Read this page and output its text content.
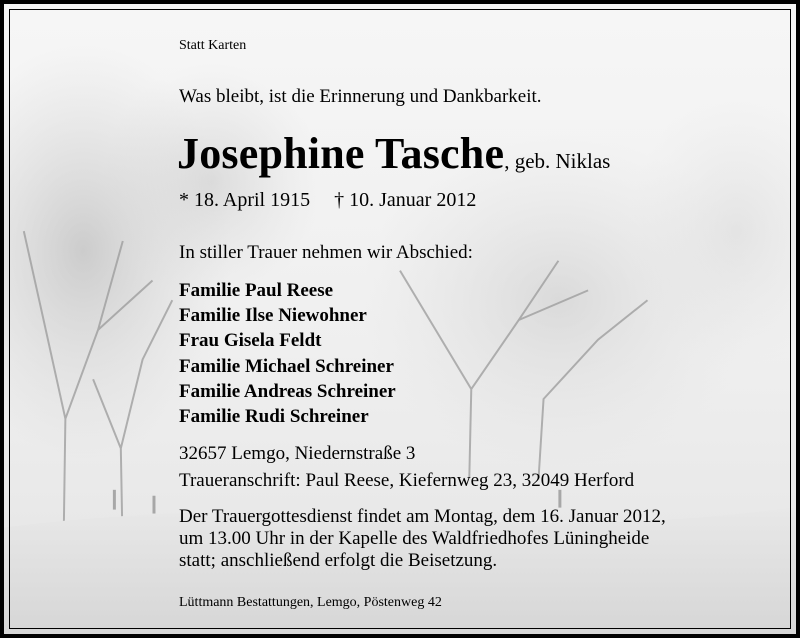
Statt Karten
Was bleibt, ist die Erinnerung und Dankbarkeit.
Josephine Tasche, geb. Niklas
* 18. April 1915 † 10. Januar 2012
In stiller Trauer nehmen wir Abschied:
Familie Paul Reese
Familie Ilse Niewohner
Frau Gisela Feldt
Familie Michael Schreiner
Familie Andreas Schreiner
Familie Rudi Schreiner
32657 Lemgo, Niedernstraße 3
Traueranschrift: Paul Reese, Kiefernweg 23, 32049 Herford
Der Trauergottesdienst findet am Montag, dem 16. Januar 2012,
um 13.00 Uhr in der Kapelle des Waldfriedhofes Lüningheide
statt; anschließend erfolgt die Beisetzung.
Lüttmann Bestattungen, Lemgo, Pöstenweg 42
